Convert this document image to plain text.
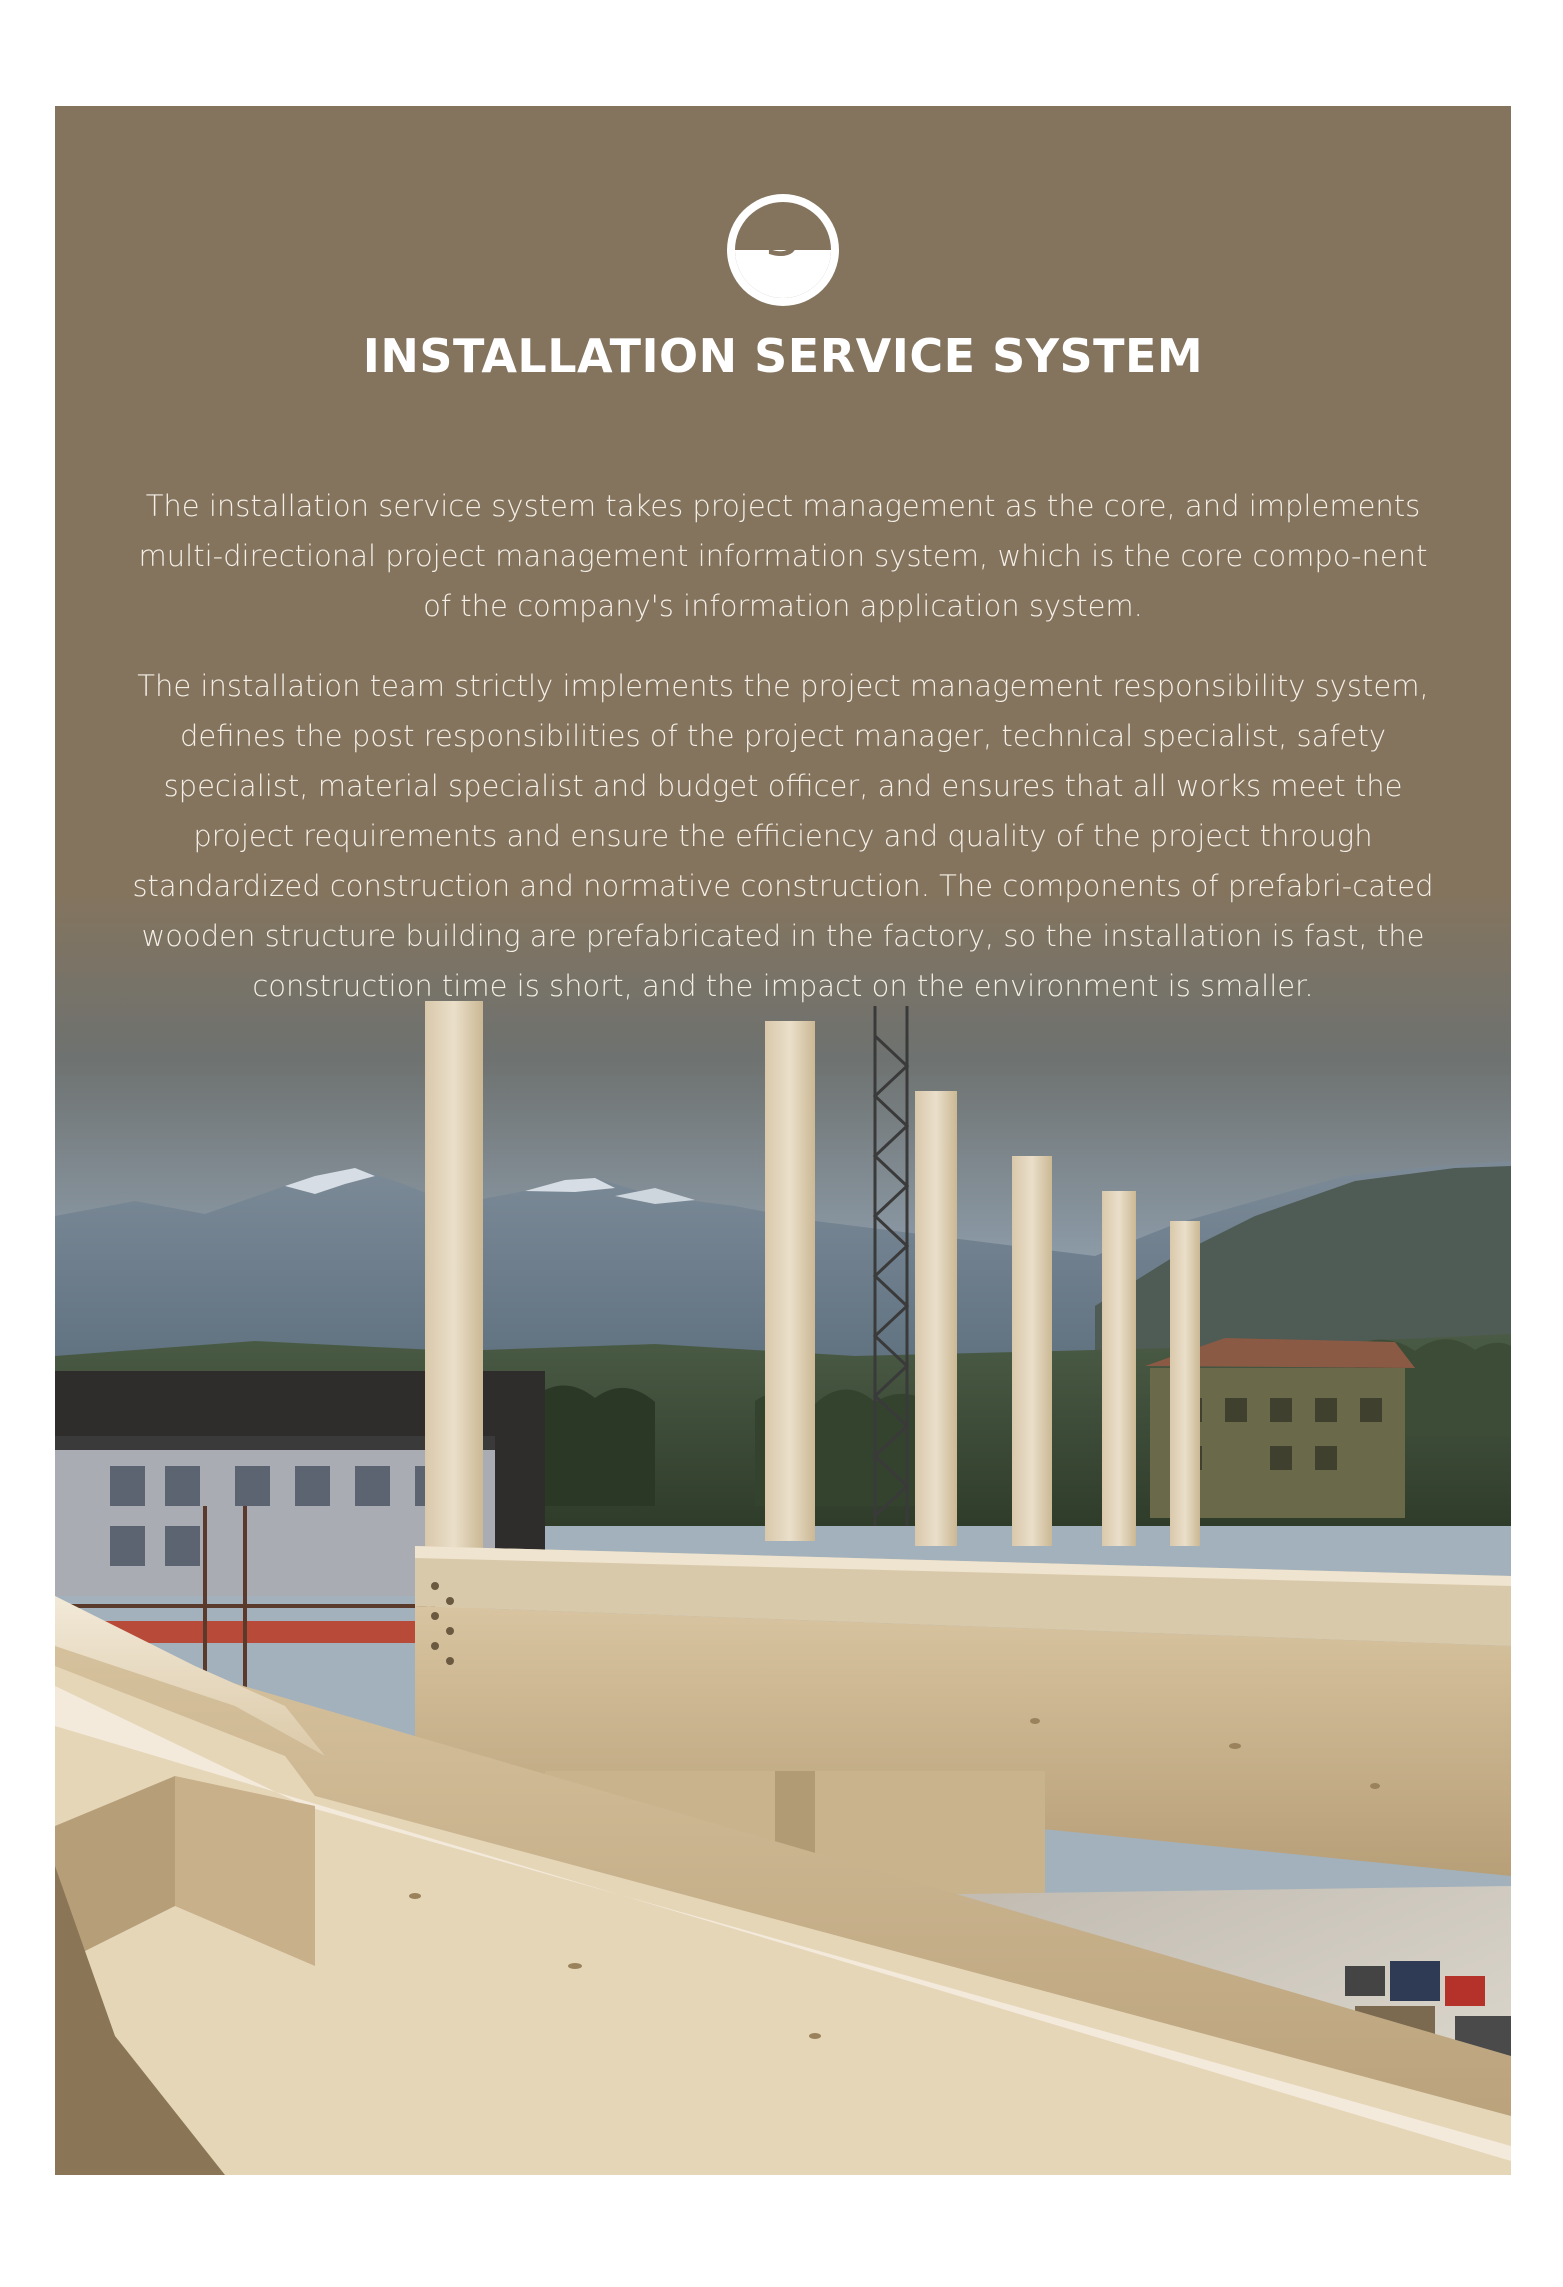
3
INSTALLATION SERVICE SYSTEM

The installation service system takes project management as the core, and implements multi-directional project management information system, which is the core compo-nent of the company's information application system.

The installation team strictly implements the project management responsibility system, defines the post responsibilities of the project manager, technical specialist, safety specialist, material specialist and budget officer, and ensures that all works meet the project requirements and ensure the efficiency and quality of the project through standardized construction and normative construction. The components of prefabri-cated wooden structure building are prefabricated in the factory, so the installation is fast, the construction time is short, and the impact on the environment is smaller.
